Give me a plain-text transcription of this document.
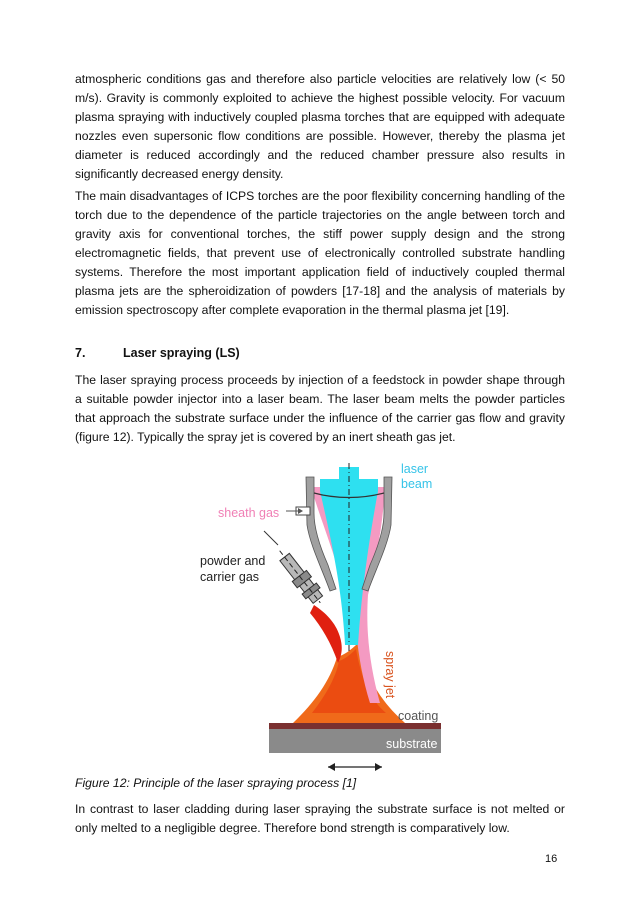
atmospheric conditions gas and therefore also particle velocities are relatively low (< 50 m/s). Gravity is commonly exploited to achieve the highest possible velocity. For vacuum plasma spraying with inductively coupled plasma torches that are equipped with adequate nozzles even supersonic flow conditions are possible. However, thereby the plasma jet diameter is reduced accordingly and the reduced chamber pressure also results in significantly decreased energy density.

The main disadvantages of ICPS torches are the poor flexibility concerning handling of the torch due to the dependence of the particle trajectories on the angle between torch and gravity axis for conventional torches, the stiff power supply design and the strong electromagnetic fields, that prevent use of electronically controlled substrate handling systems. Therefore the most important application field of inductively coupled thermal plasma jets are the spheroidization of powders [17-18] and the analysis of materials by emission spectroscopy after complete evaporation in the thermal plasma jet [19].

7.	Laser spraying (LS)

The laser spraying process proceeds by injection of a feedstock in powder shape through a suitable powder injector into a laser beam. The laser beam melts the powder particles that approach the substrate surface under the influence of the carrier gas flow and gravity (figure 12). Typically the spray jet is covered by an inert sheath gas jet.

laser
beam
sheath gas
powder and
carrier gas
spray jet
coating
substrate

Figure 12: Principle of the laser spraying process [1]

In contrast to laser cladding during laser spraying the substrate surface is not melted or only melted to a negligible degree. Therefore bond strength is comparatively low.

16
